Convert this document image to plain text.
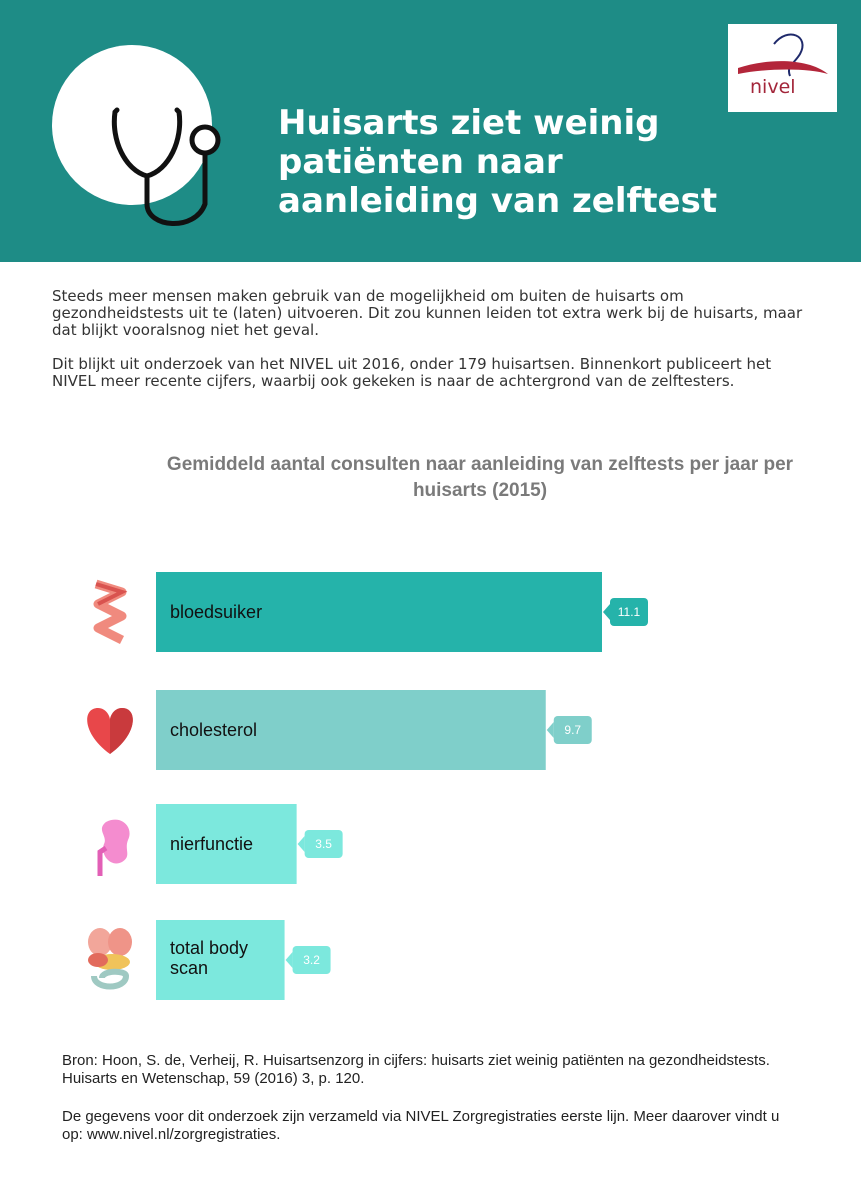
Huisarts ziet weinig
patiënten naar
aanleiding van zelftest
nivel

Steeds meer mensen maken gebruik van de mogelijkheid om buiten de huisarts om gezondheidstests uit te (laten) uitvoeren. Dit zou kunnen leiden tot extra werk bij de huisarts, maar dat blijkt vooralsnog niet het geval.

Dit blijkt uit onderzoek van het NIVEL uit 2016, onder 179 huisartsen. Binnenkort publiceert het NIVEL meer recente cijfers, waarbij ook gekeken is naar de achtergrond van de zelftesters.

Gemiddeld aantal consulten naar aanleiding van zelftests per jaar per huisarts (2015)
bloedsuiker	11.1
cholesterol	9.7
nierfunctie	3.5
total body scan	3.2

Bron: Hoon, S. de, Verheij, R. Huisartsenzorg in cijfers: huisarts ziet weinig patiënten na gezondheidstests. Huisarts en Wetenschap, 59 (2016) 3, p. 120.

De gegevens voor dit onderzoek zijn verzameld via NIVEL Zorgregistraties eerste lijn. Meer daarover vindt u op: www.nivel.nl/zorgregistraties.
